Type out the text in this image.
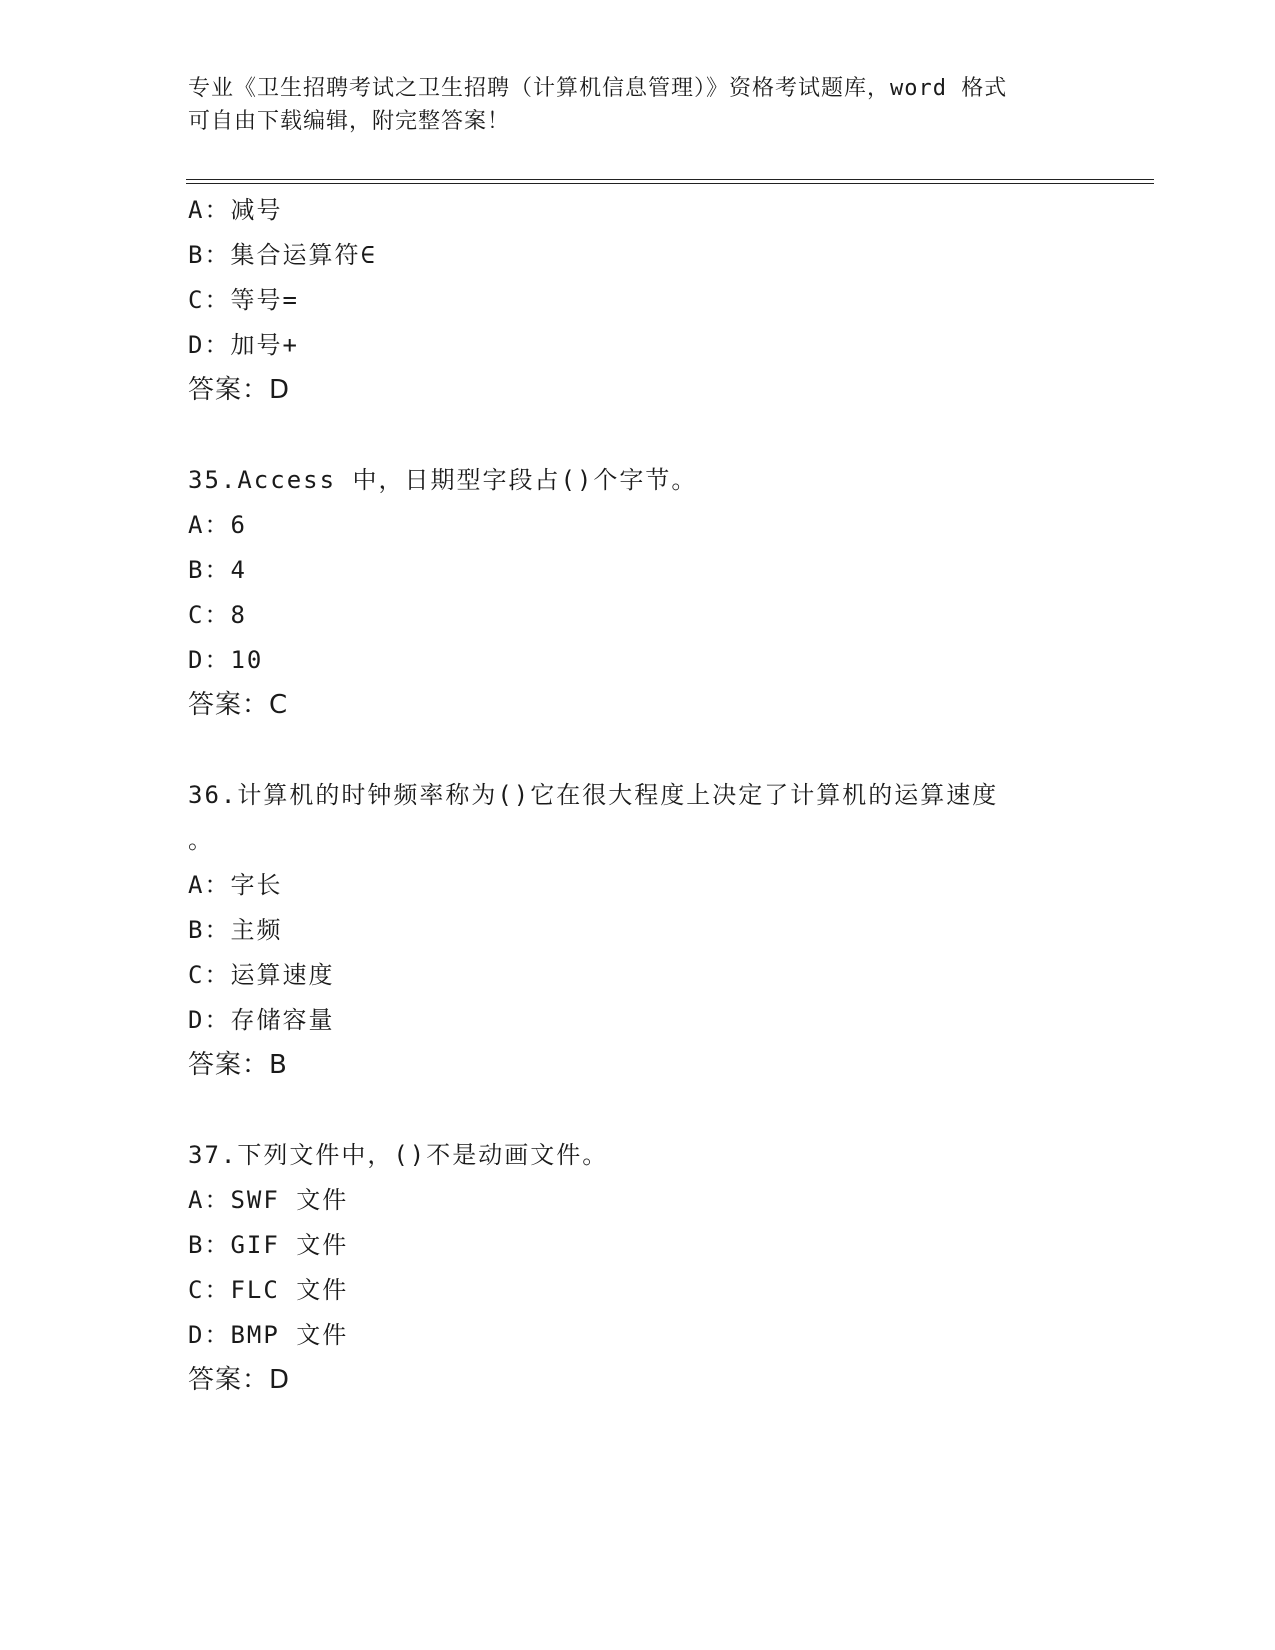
专业《卫生招聘考试之卫生招聘（计算机信息管理）》资格考试题库，word 格式
可自由下载编辑，附完整答案！
A：减号
B：集合运算符∈
C：等号=
D：加号+
答案：D
35.Access 中，日期型字段占()个字节。
A：6
B：4
C：8
D：10
答案：C
36.计算机的时钟频率称为()它在很大程度上决定了计算机的运算速度
。
A：字长
B：主频
C：运算速度
D：存储容量
答案：B
37.下列文件中，()不是动画文件。
A：SWF 文件
B：GIF 文件
C：FLC 文件
D：BMP 文件
答案：D
